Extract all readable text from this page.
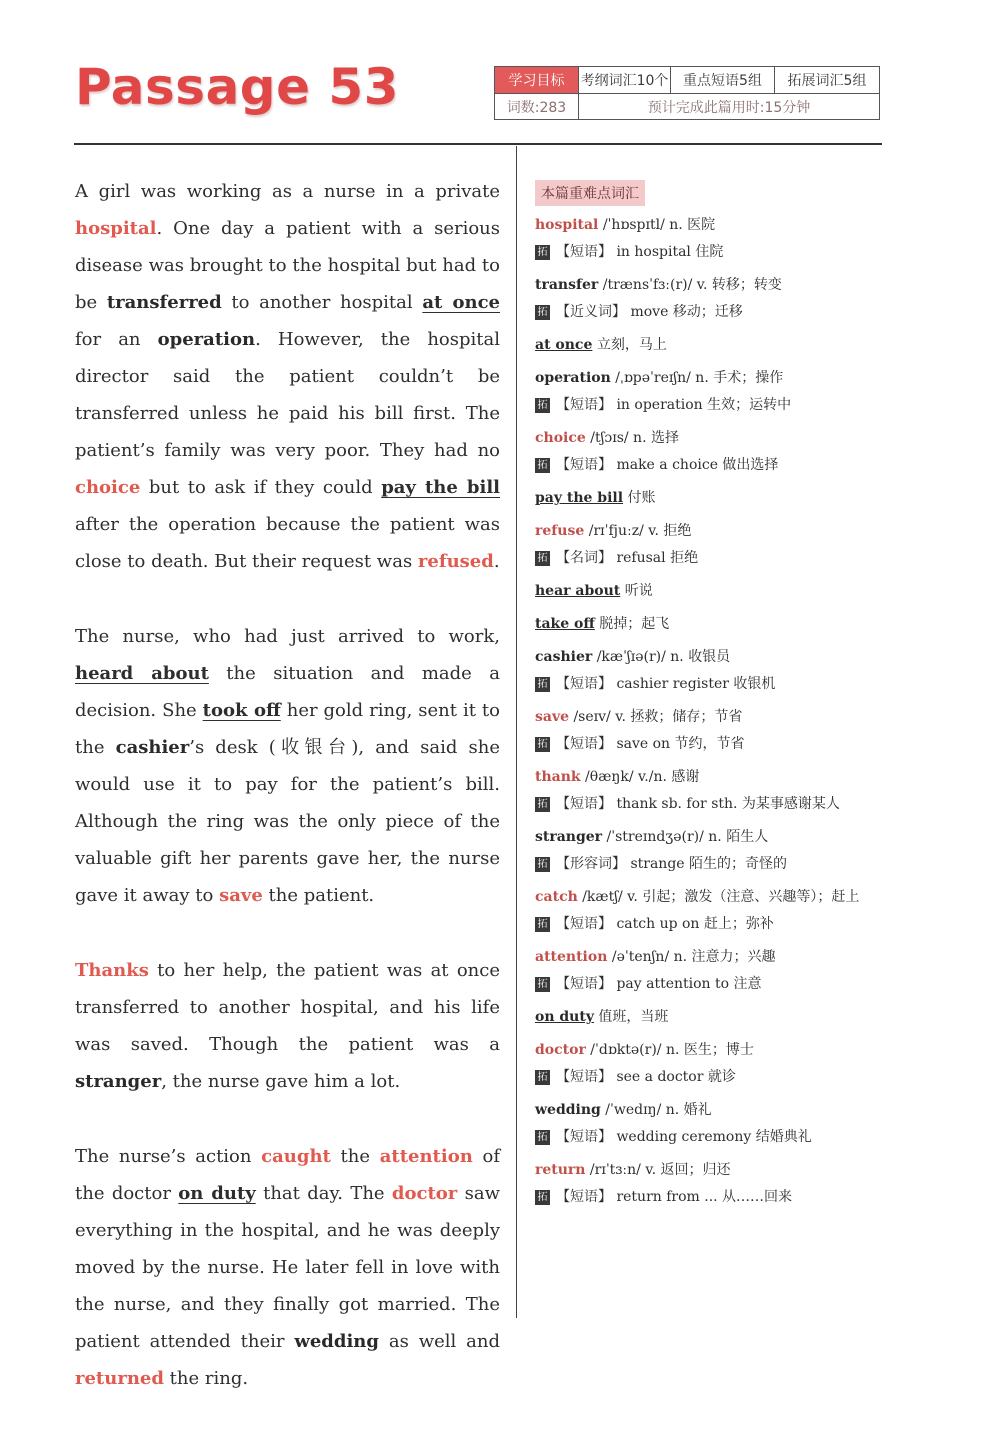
Passage 53	学习目标	考纲词汇10个	重点短语5组	拓展词汇5组
词数:283	预计完成此篇用时:15分钟

A girl was working as a nurse in a private hospital. One day a patient with a serious disease was brought to the hospital but had to be transferred to another hospital at once for an operation. However, the hospital director said the patient couldn’t be transferred unless he paid his bill first. The patient’s family was very poor. They had no choice but to ask if they could pay the bill after the operation because the patient was close to death. But their request was refused.

The nurse, who had just arrived to work, heard about the situation and made a decision. She took off her gold ring, sent it to the cashier’s desk (收银台), and said she would use it to pay for the patient’s bill. Although the ring was the only piece of the valuable gift her parents gave her, the nurse gave it away to save the patient.

Thanks to her help, the patient was at once transferred to another hospital, and his life was saved. Though the patient was a stranger, the nurse gave him a lot.

The nurse’s action caught the attention of the doctor on duty that day. The doctor saw everything in the hospital, and he was deeply moved by the nurse. He later fell in love with the nurse, and they finally got married. The patient attended their wedding as well and returned the ring.

本篇重难点词汇
hospital /ˈhɒspɪtl/ n. 医院
拓 【短语】 in hospital 住院
transfer /trænsˈfɜː(r)/ v. 转移；转变
拓 【近义词】 move 移动；迁移
at once 立刻，马上
operation /ˌɒpəˈreɪʃn/ n. 手术；操作
拓 【短语】 in operation 生效；运转中
choice /tʃɔɪs/ n. 选择
拓 【短语】 make a choice 做出选择
pay the bill 付账
refuse /rɪˈfjuːz/ v. 拒绝
拓 【名词】 refusal 拒绝
hear about 听说
take off 脱掉；起飞
cashier /kæˈʃɪə(r)/ n. 收银员
拓 【短语】 cashier register 收银机
save /seɪv/ v. 拯救；储存；节省
拓 【短语】 save on 节约，节省
thank /θæŋk/ v./n. 感谢
拓 【短语】 thank sb. for sth. 为某事感谢某人
stranger /ˈstreɪndʒə(r)/ n. 陌生人
拓 【形容词】 strange 陌生的；奇怪的
catch /kætʃ/ v. 引起；激发（注意、兴趣等）；赶上
拓 【短语】 catch up on 赶上；弥补
attention /əˈtenʃn/ n. 注意力；兴趣
拓 【短语】 pay attention to 注意
on duty 值班，当班
doctor /ˈdɒktə(r)/ n. 医生；博士
拓 【短语】 see a doctor 就诊
wedding /ˈwedɪŋ/ n. 婚礼
拓 【短语】 wedding ceremony 结婚典礼
return /rɪˈtɜːn/ v. 返回；归还
拓 【短语】 return from ... 从……回来
